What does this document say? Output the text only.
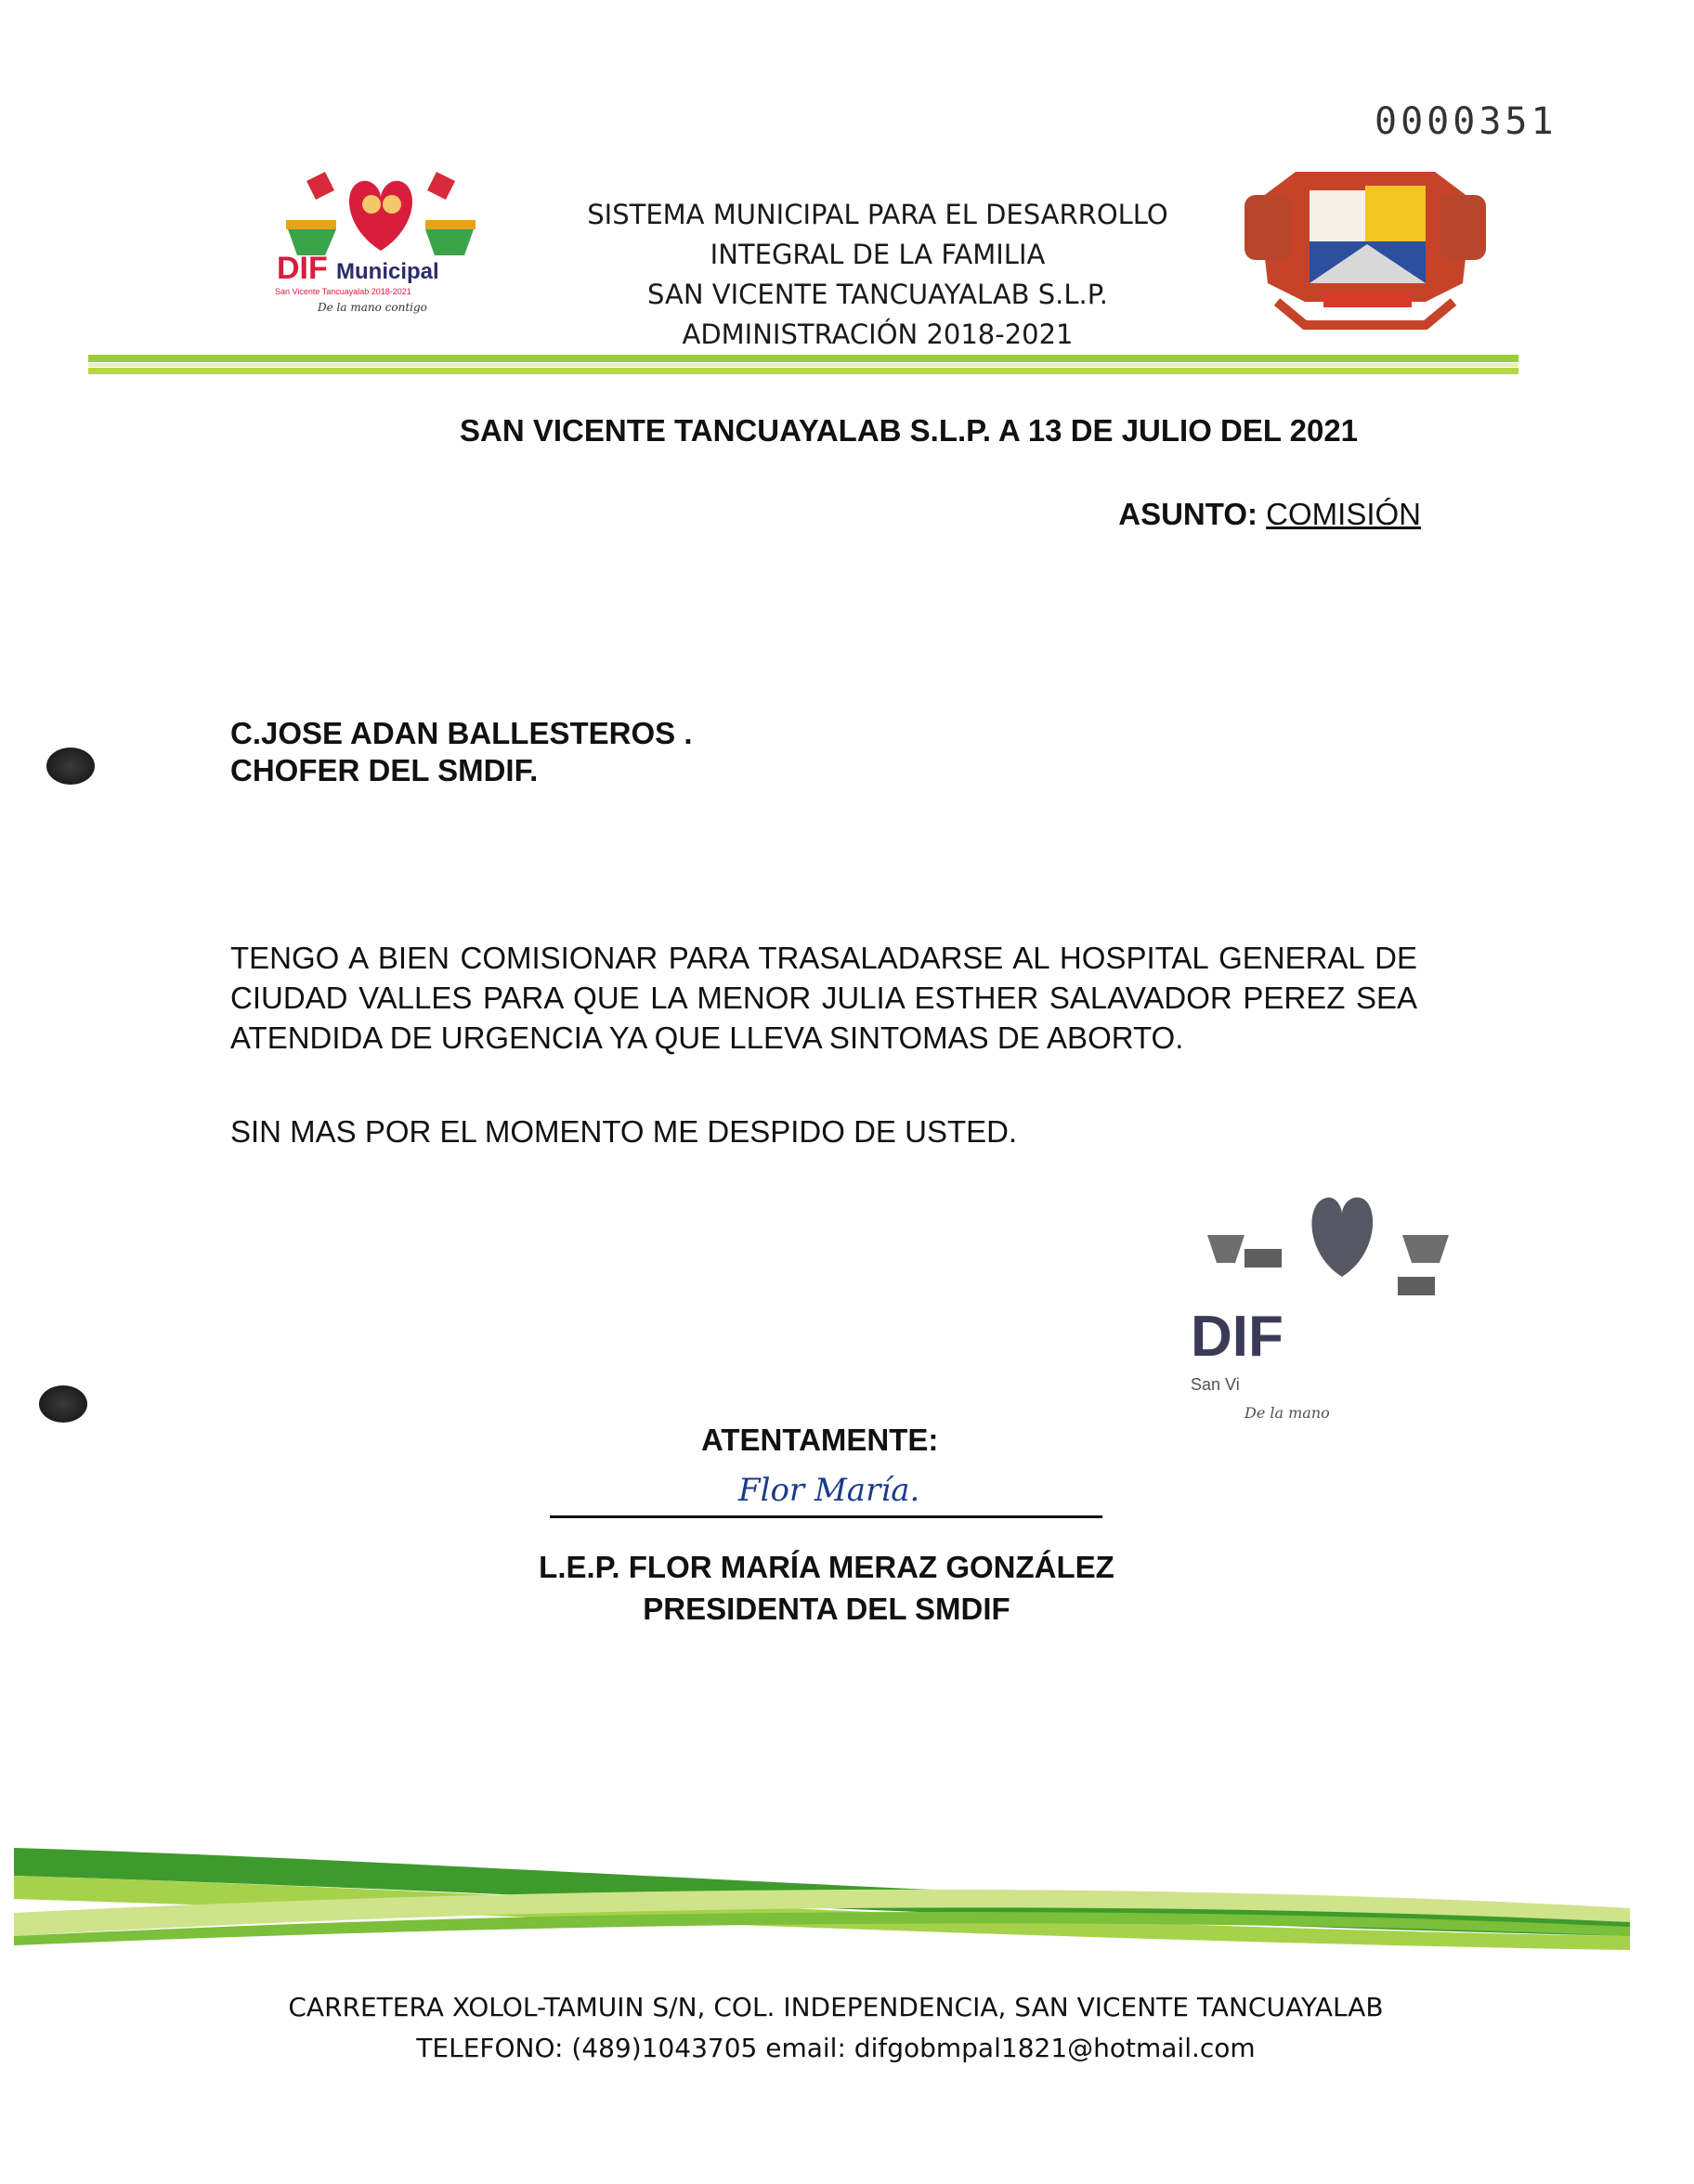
0000351
DIF Municipal
San Vicente Tancuayalab 2018-2021
De la mano contigo
SISTEMA MUNICIPAL PARA EL DESARROLLO
INTEGRAL DE LA FAMILIA
SAN VICENTE TANCUAYALAB S.L.P.
ADMINISTRACIÓN 2018-2021
SAN VICENTE TANCUAYALAB S.L.P. A 13 DE JULIO DEL 2021
ASUNTO: COMISIÓN
C.JOSE ADAN BALLESTEROS .
CHOFER DEL SMDIF.
TENGO A BIEN COMISIONAR PARA TRASALADARSE AL HOSPITAL GENERAL DE CIUDAD VALLES PARA QUE LA MENOR JULIA ESTHER SALAVADOR PEREZ SEA ATENDIDA DE URGENCIA YA QUE LLEVA SINTOMAS DE ABORTO.
SIN MAS POR EL MOMENTO ME DESPIDO DE USTED.
DIF
San Vi
De la mano
ATENTAMENTE:
Flor María.
L.E.P. FLOR MARÍA MERAZ GONZÁLEZ
PRESIDENTA DEL SMDIF
CARRETERA XOLOL-TAMUIN S/N, COL. INDEPENDENCIA, SAN VICENTE TANCUAYALAB
TELEFONO: (489)1043705 email: difgobmpal1821@hotmail.com
